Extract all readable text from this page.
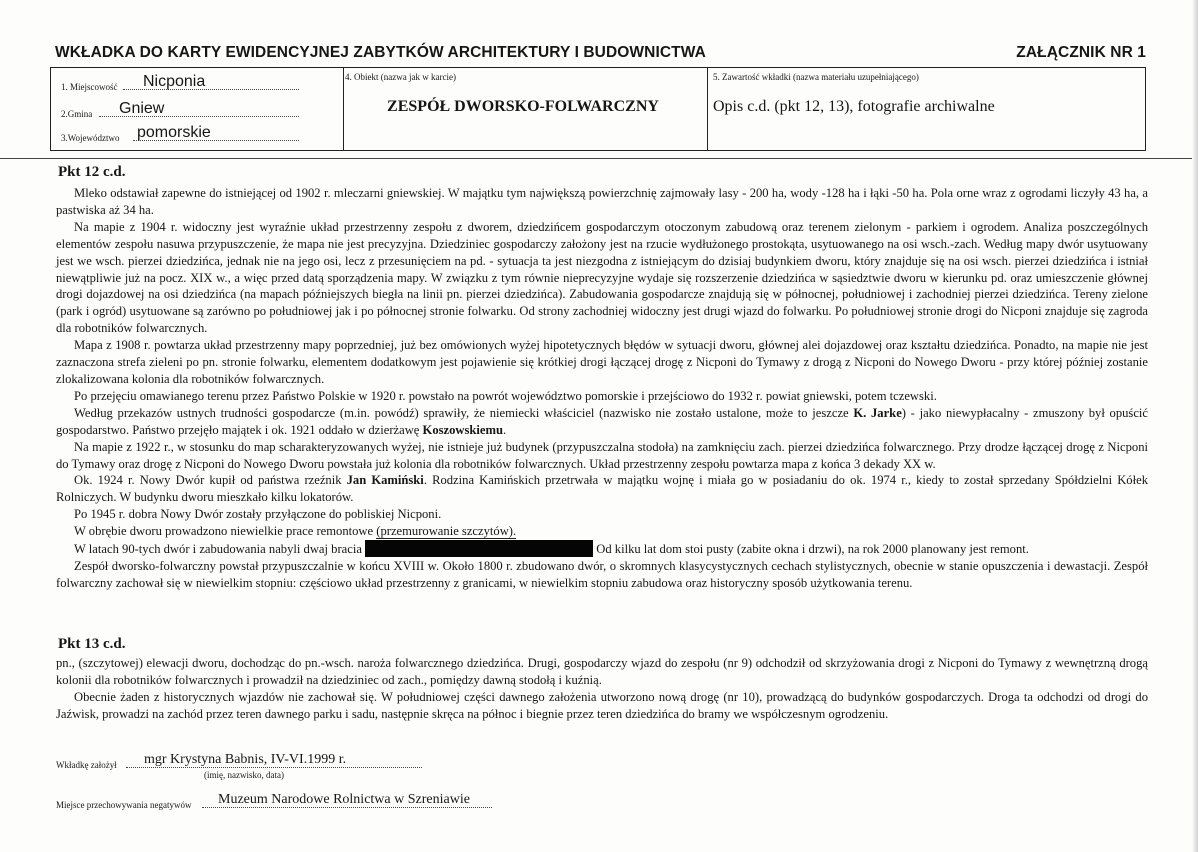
WKŁADKA DO KARTY EWIDENCYJNEJ ZABYTKÓW ARCHITEKTURY I BUDOWNICTWA	ZAŁĄCZNIK NR 1
1. Miejscowość Nicponia
2.Gmina Gniew
3.Województwo pomorskie
4. Obiekt (nazwa jak w karcie)
ZESPÓŁ DWORSKO-FOLWARCZNY
5. Zawartość wkładki (nazwa materiału uzupełniającego)
Opis c.d. (pkt 12, 13), fotografie archiwalne
Pkt 12 c.d.

Mleko odstawiał zapewne do istniejącej od 1902 r. mleczarni gniewskiej. W majątku tym największą powierzchnię zajmowały lasy - 200 ha, wody -128 ha i łąki -50 ha. Pola orne wraz z ogrodami liczyły 43 ha, a pastwiska aż 34 ha.

Na mapie z 1904 r. widoczny jest wyraźnie układ przestrzenny zespołu z dworem, dziedzińcem gospodarczym otoczonym zabudową oraz terenem zielonym - parkiem i ogrodem. Analiza poszczególnych elementów zespołu nasuwa przypuszczenie, że mapa nie jest precyzyjna. Dziedziniec gospodarczy założony jest na rzucie wydłużonego prostokąta, usytuowanego na osi wsch.-zach. Według mapy dwór usytuowany jest we wsch. pierzei dziedzińca, jednak nie na jego osi, lecz z przesunięciem na pd. - sytuacja ta jest niezgodna z istniejącym do dzisiaj budynkiem dworu, który znajduje się na osi wsch. pierzei dziedzińca i istniał niewątpliwie już na pocz. XIX w., a więc przed datą sporządzenia mapy. W związku z tym równie nieprecyzyjne wydaje się rozszerzenie dziedzińca w sąsiedztwie dworu w kierunku pd. oraz umieszczenie głównej drogi dojazdowej na osi dziedzińca (na mapach późniejszych biegła na linii pn. pierzei dziedzińca). Zabudowania gospodarcze znajdują się w północnej, południowej i zachodniej pierzei dziedzińca. Tereny zielone (park i ogród) usytuowane są zarówno po południowej jak i po północnej stronie folwarku. Od strony zachodniej widoczny jest drugi wjazd do folwarku. Po południowej stronie drogi do Nicponi znajduje się zagroda dla robotników folwarcznych.

Mapa z 1908 r. powtarza układ przestrzenny mapy poprzedniej, już bez omówionych wyżej hipotetycznych błędów w sytuacji dworu, głównej alei dojazdowej oraz kształtu dziedzińca. Ponadto, na mapie nie jest zaznaczona strefa zieleni po pn. stronie folwarku, elementem dodatkowym jest pojawienie się krótkiej drogi łączącej drogę z Nicponi do Tymawy z drogą z Nicponi do Nowego Dworu - przy której później zostanie zlokalizowana kolonia dla robotników folwarcznych.

Po przejęciu omawianego terenu przez Państwo Polskie w 1920 r. powstało na powrót województwo pomorskie i przejściowo do 1932 r. powiat gniewski, potem tczewski.

Według przekazów ustnych trudności gospodarcze (m.in. powódź) sprawiły, że niemiecki właściciel (nazwisko nie zostało ustalone, może to jeszcze K. Jarke) - jako niewypłacalny - zmuszony był opuścić gospodarstwo. Państwo przejęło majątek i ok. 1921 oddało w dzierżawę Koszowskiemu.

Na mapie z 1922 r., w stosunku do map scharakteryzowanych wyżej, nie istnieje już budynek (przypuszczalna stodoła) na zamknięciu zach. pierzei dziedzińca folwarcznego. Przy drodze łączącej drogę z Nicponi do Tymawy oraz drogę z Nicponi do Nowego Dworu powstała już kolonia dla robotników folwarcznych. Układ przestrzenny zespołu powtarza mapa z końca 3 dekady XX w.

Ok. 1924 r. Nowy Dwór kupił od państwa rzeźnik Jan Kamiński. Rodzina Kamińskich przetrwała w majątku wojnę i miała go w posiadaniu do ok. 1974 r., kiedy to został sprzedany Spółdzielni Kółek Rolniczych. W budynku dworu mieszkało kilku lokatorów.

Po 1945 r. dobra Nowy Dwór zostały przyłączone do pobliskiej Nicponi.

W obrębie dworu prowadzono niewielkie prace remontowe (przemurowanie szczytów).

W latach 90-tych dwór i zabudowania nabyli dwaj bracia	Od kilku lat dom stoi pusty (zabite okna i drzwi), na rok 2000 planowany jest remont.

Zespół dworsko-folwarczny powstał przypuszczalnie w końcu XVIII w. Około 1800 r. zbudowano dwór, o skromnych klasycystycznych cechach stylistycznych, obecnie w stanie opuszczenia i dewastacji. Zespół folwarczny zachował się w niewielkim stopniu: częściowo układ przestrzenny z granicami, w niewielkim stopniu zabudowa oraz historyczny sposób użytkowania terenu.

Pkt 13 c.d.

pn., (szczytowej) elewacji dworu, dochodząc do pn.-wsch. naroża folwarcznego dziedzińca. Drugi, gospodarczy wjazd do zespołu (nr 9) odchodził od skrzyżowania drogi z Nicponi do Tymawy z wewnętrzną drogą kolonii dla robotników folwarcznych i prowadził na dziedziniec od zach., pomiędzy dawną stodołą i kuźnią.

Obecnie żaden z historycznych wjazdów nie zachował się. W południowej części dawnego założenia utworzono nową drogę (nr 10), prowadzącą do budynków gospodarczych. Droga ta odchodzi od drogi do Jaźwisk, prowadzi na zachód przez teren dawnego parku i sadu, następnie skręca na północ i biegnie przez teren dziedzińca do bramy we współczesnym ogrodzeniu.

Wkładkę założył mgr Krystyna Babnis, IV-VI.1999 r.
(imię, nazwisko, data)
Miejsce przechowywania negatywów Muzeum Narodowe Rolnictwa w Szreniawie
